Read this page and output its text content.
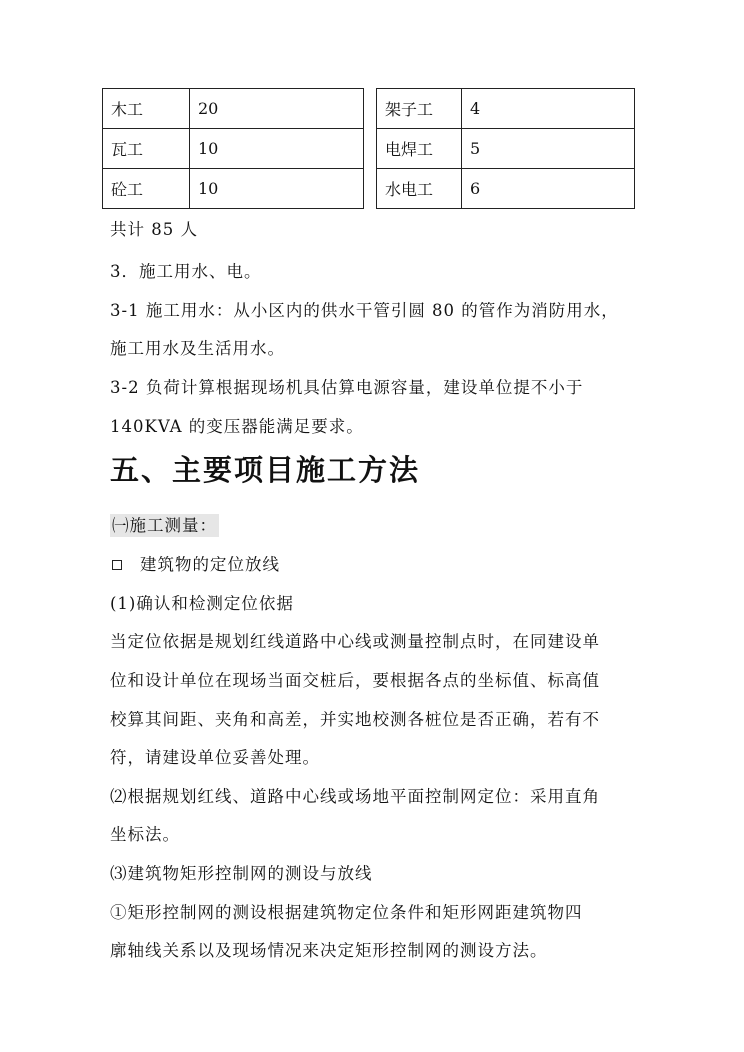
木工	20		架子工	4
瓦工	10		电焊工	5
砼工	10		水电工	6
共计 85 人
3．施工用水、电。
3-1 施工用水：从小区内的供水干管引圆 80 的管作为消防用水，
施工用水及生活用水。
3-2 负荷计算根据现场机具估算电源容量，建设单位提不小于
140KVA 的变压器能满足要求。
五、主要项目施工方法
㈠施工测量：
建筑物的定位放线
(1)确认和检测定位依据
当定位依据是规划红线道路中心线或测量控制点时，在同建设单
位和设计单位在现场当面交桩后，要根据各点的坐标值、标高值
校算其间距、夹角和高差，并实地校测各桩位是否正确，若有不
符，请建设单位妥善处理。
⑵根据规划红线、道路中心线或场地平面控制网定位：采用直角
坐标法。
⑶建筑物矩形控制网的测设与放线
①矩形控制网的测设根据建筑物定位条件和矩形网距建筑物四
廓轴线关系以及现场情况来决定矩形控制网的测设方法。
